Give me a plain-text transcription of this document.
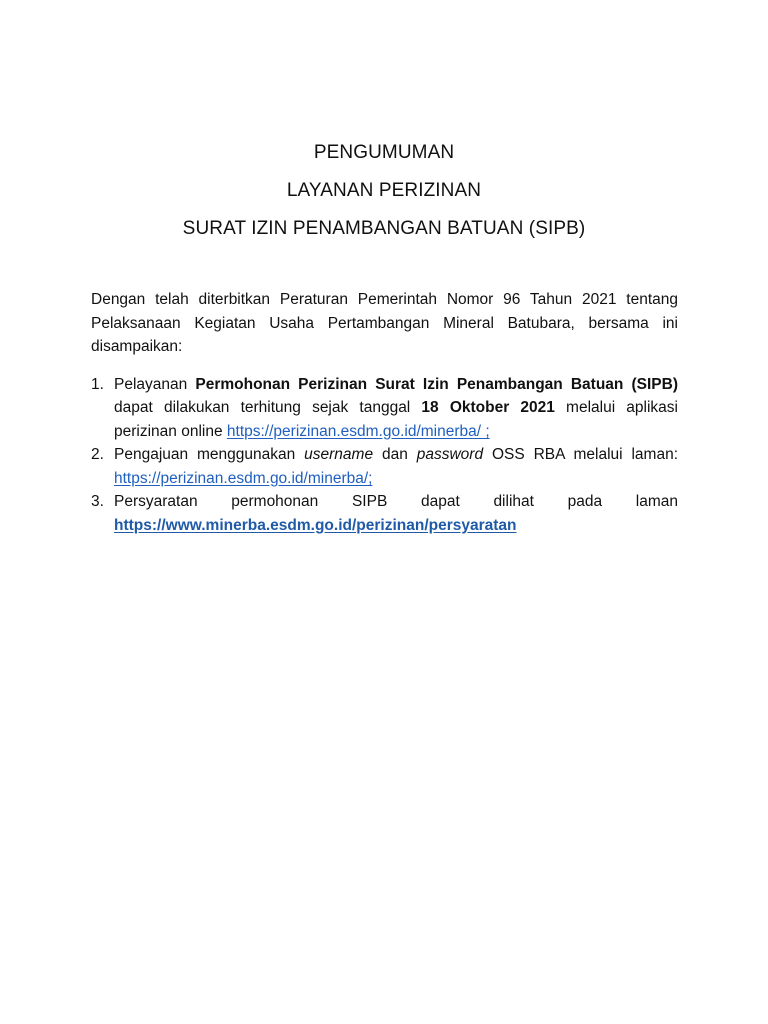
PENGUMUMAN
LAYANAN PERIZINAN
SURAT IZIN PENAMBANGAN BATUAN (SIPB)

Dengan telah diterbitkan Peraturan Pemerintah Nomor 96 Tahun 2021 tentang Pelaksanaan Kegiatan Usaha Pertambangan Mineral Batubara, bersama ini disampaikan:

1. Pelayanan Permohonan Perizinan Surat Izin Penambangan Batuan (SIPB) dapat dilakukan terhitung sejak tanggal 18 Oktober 2021 melalui aplikasi perizinan online https://perizinan.esdm.go.id/minerba/ ;
2. Pengajuan menggunakan username dan password OSS RBA melalui laman: https://perizinan.esdm.go.id/minerba/;
3. Persyaratan permohonan SIPB dapat dilihat pada laman
https://www.minerba.esdm.go.id/perizinan/persyaratan
